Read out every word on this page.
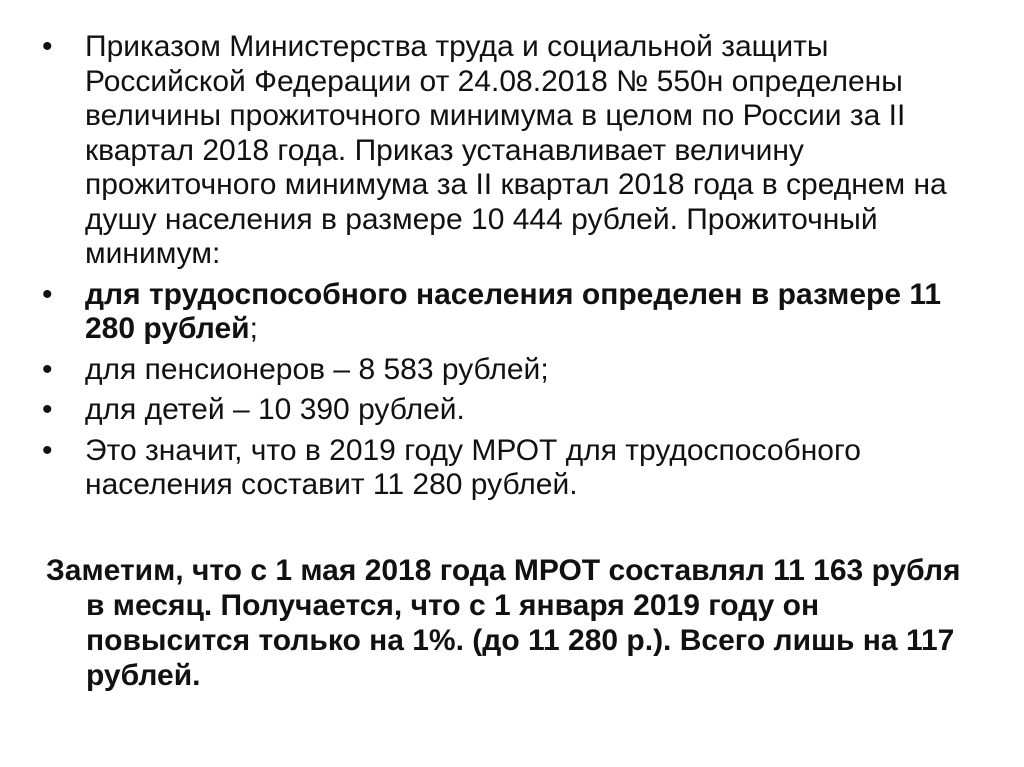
•	Приказом Министерства труда и социальной защиты Российской Федерации от 24.08.2018 № 550н определены величины прожиточного минимума в целом по России за II квартал 2018 года. Приказ устанавливает величину прожиточного минимума за II квартал 2018 года в среднем на душу населения в размере 10 444 рублей. Прожиточный минимум:
•	для трудоспособного населения определен в размере 11 280 рублей;
•	для пенсионеров – 8 583 рублей;
•	для детей – 10 390 рублей.
•	Это значит, что в 2019 году МРОТ для трудоспособного населения составит 11 280 рублей.

Заметим, что с 1 мая 2018 года МРОТ составлял 11 163 рубля в месяц. Получается, что с 1 января 2019 году он повысится только на 1%. (до 11 280 р.). Всего лишь на 117 рублей.
